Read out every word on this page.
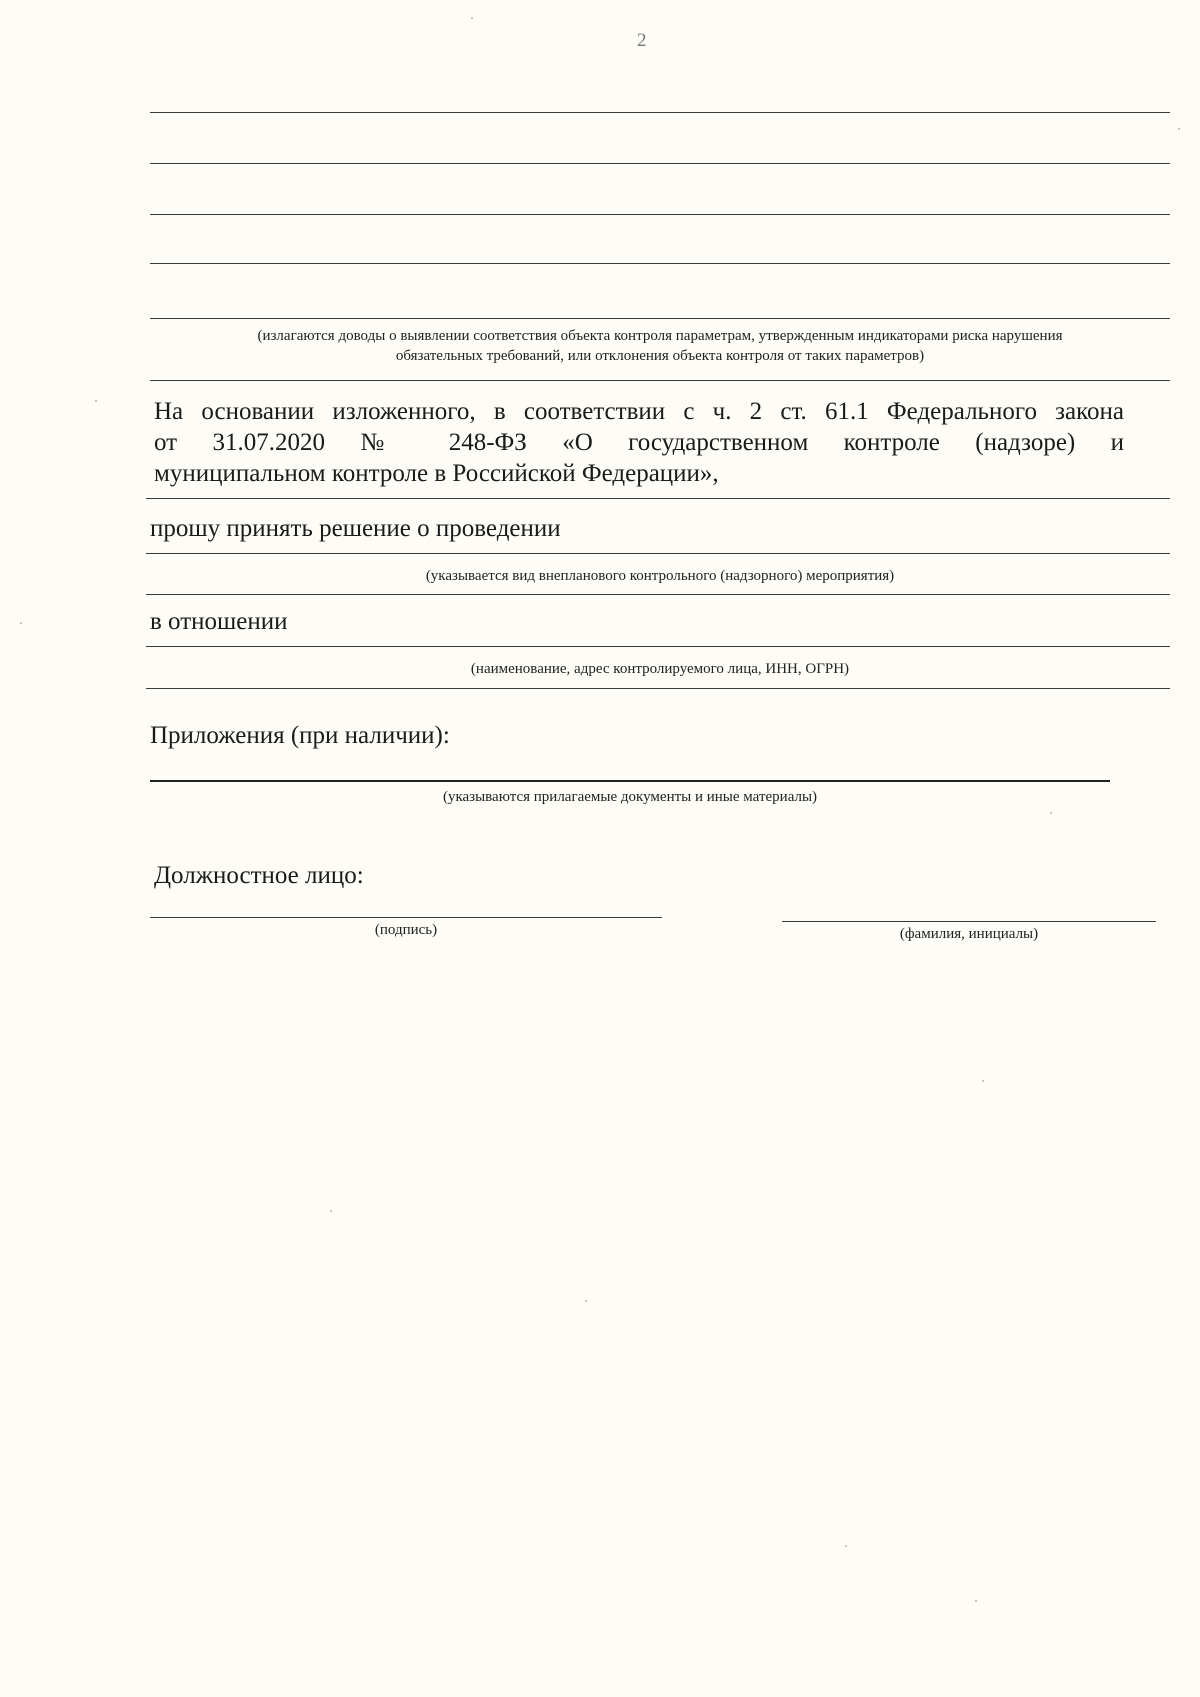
2
(излагаются доводы о выявлении соответствия объекта контроля параметрам, утвержденным индикаторами риска нарушения
обязательных требований, или отклонения объекта контроля от таких параметров)
На основании изложенного, в соответствии с ч. 2 ст. 61.1 Федерального закона
от 31.07.2020 № 248-ФЗ «О государственном контроле (надзоре) и
муниципальном контроле в Российской Федерации»,
прошу принять решение о проведении
(указывается вид внепланового контрольного (надзорного) мероприятия)
в отношении
(наименование, адрес контролируемого лица, ИНН, ОГРН)
Приложения (при наличии):
(указываются прилагаемые документы и иные материалы)
Должностное лицо:
(подпись)	(фамилия, инициалы)
